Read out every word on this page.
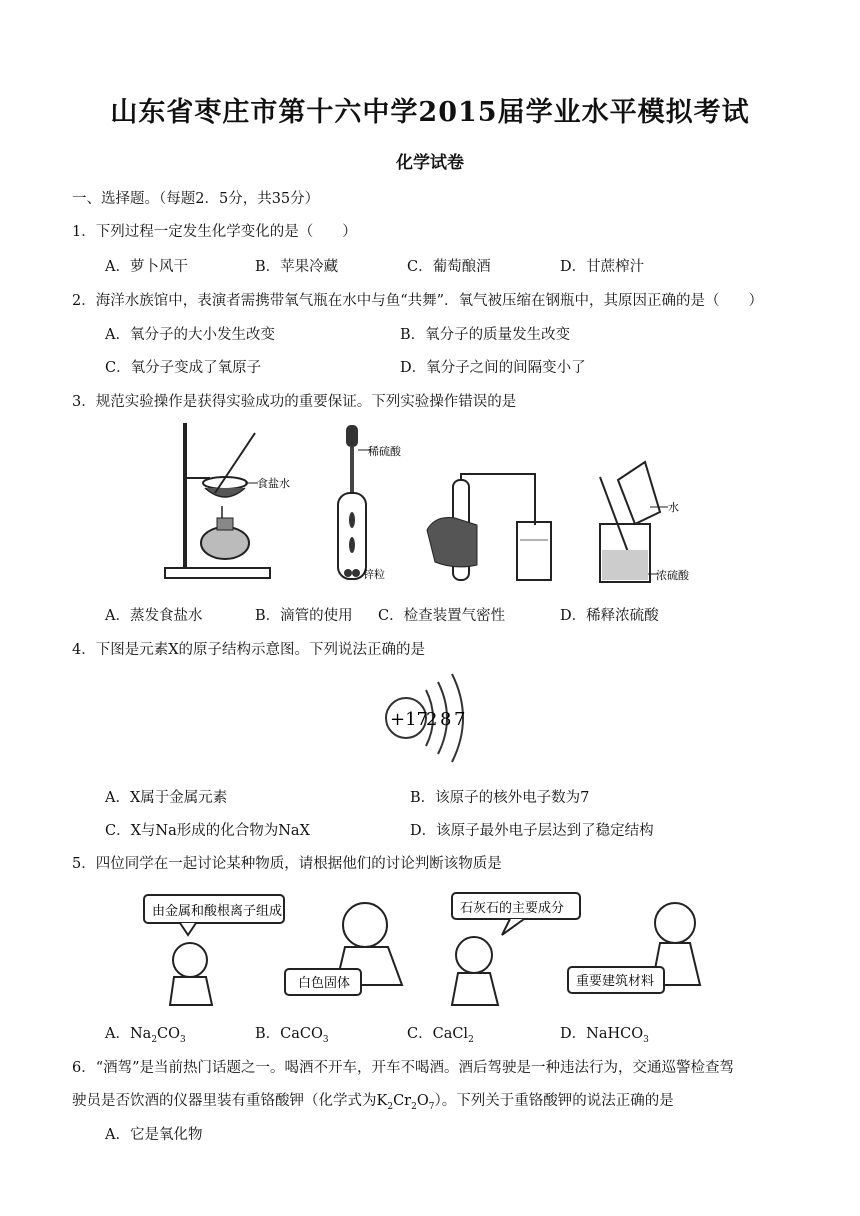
山东省枣庄市第十六中学2015届学业水平模拟考试
化学试卷
一、选择题。（每题2．5分，共35分）
1．下列过程一定发生化学变化的是（　　）
A．萝卜风干	B．苹果冷藏	C．葡萄酿酒	D．甘蔗榨汁
2．海洋水族馆中，表演者需携带氧气瓶在水中与鱼“共舞”．氧气被压缩在钢瓶中，其原因正确的是（　　）
A．氧分子的大小发生改变	B．氧分子的质量发生改变
C．氧分子变成了氧原子	D．氧分子之间的间隔变小了
3．规范实验操作是获得实验成功的重要保证。下列实验操作错误的是
食盐水
稀硫酸
锌粒
水
浓硫酸
A．蒸发食盐水	B．滴管的使用 C．检查装置气密性	D．稀释浓硫酸
4．下图是元素X的原子结构示意图。下列说法正确的是
+17
2 8 7
A．X属于金属元素	B．该原子的核外电子数为7
C．X与Na形成的化合物为NaX	D．该原子最外电子层达到了稳定结构
5．四位同学在一起讨论某种物质，请根据他们的讨论判断该物质是
由金属和酸根离子组成
白色固体
石灰石的主要成分
重要建筑材料
A．$Na_2CO_3$	B．CaCO$_3$	C．CaCl$_2$	D．NaHCO$_3$
6．“酒驾”是当前热门话题之一。喝酒不开车，开车不喝酒。酒后驾驶是一种违法行为，交通巡警检查驾
驶员是否饮酒的仪器里装有重铬酸钾（化学式为$K_2Cr_2O_7$）。下列关于重铬酸钾的说法正确的是
A．它是氧化物
